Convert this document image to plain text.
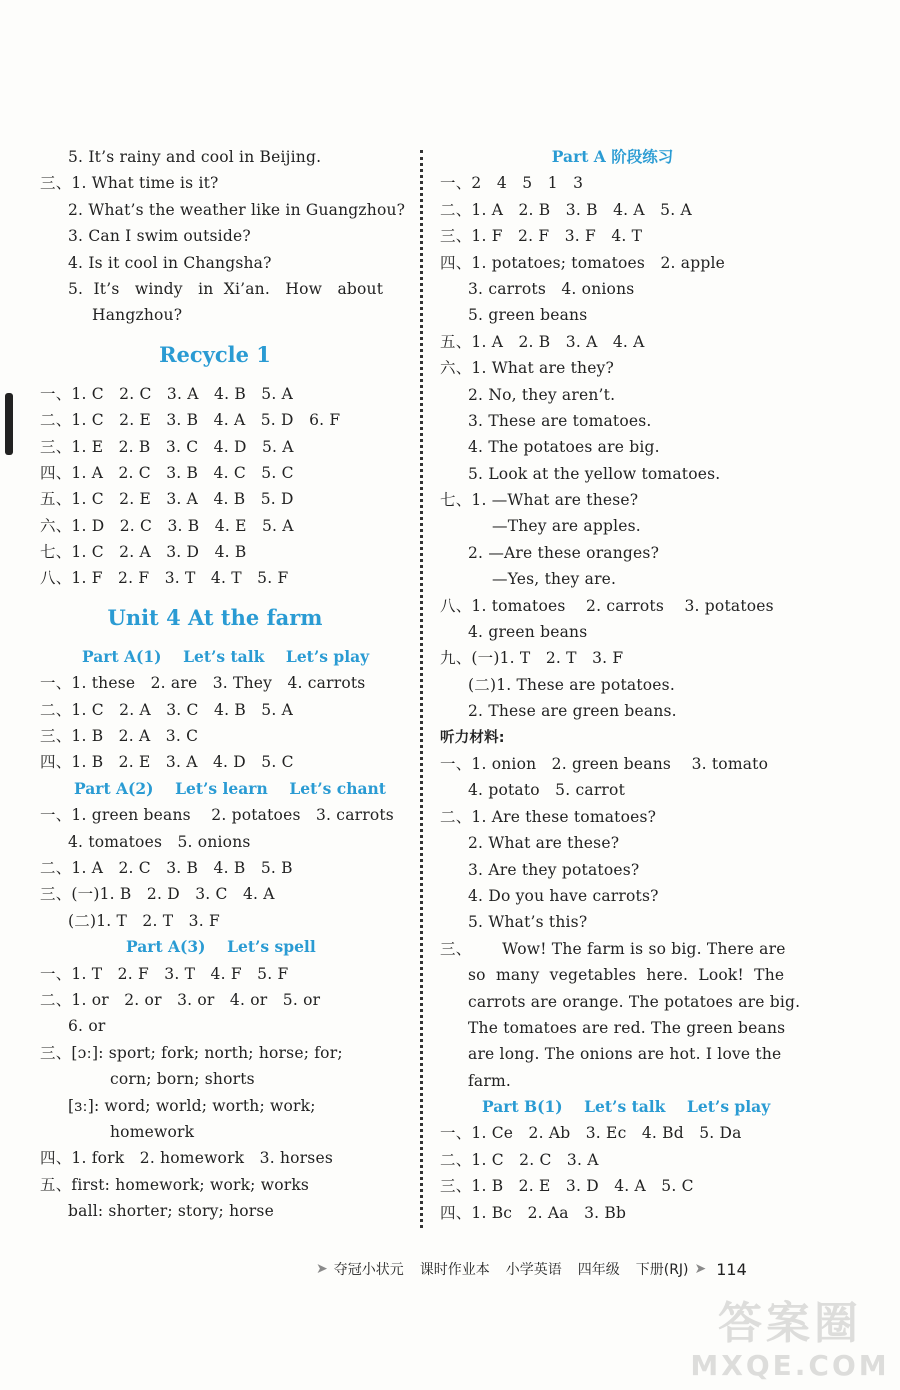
5. It’s rainy and cool in Beijing.
三、1. What time is it?
2. What’s the weather like in Guangzhou?
3. Can I swim outside?
4. Is it cool in Changsha?
5.  It’s   windy   in  Xi’an.   How   about
Hangzhou?
Recycle 1
一、1. C   2. C   3. A   4. B   5. A
二、1. C   2. E   3. B   4. A   5. D   6. F
三、1. E   2. B   3. C   4. D   5. A
四、1. A   2. C   3. B   4. C   5. C
五、1. C   2. E   3. A   4. B   5. D
六、1. D   2. C   3. B   4. E   5. A
七、1. C   2. A   3. D   4. B
八、1. F   2. F   3. T   4. T   5. F
Unit 4 At the farm
Part A(1)    Let’s talk    Let’s play
一、1. these   2. are   3. They   4. carrots
二、1. C   2. A   3. C   4. B   5. A
三、1. B   2. A   3. C
四、1. B   2. E   3. A   4. D   5. C
Part A(2)    Let’s learn    Let’s chant
一、1. green beans    2. potatoes   3. carrots
4. tomatoes   5. onions
二、1. A   2. C   3. B   4. B   5. B
三、(一)1. B   2. D   3. C   4. A
(二)1. T   2. T   3. F
Part A(3)    Let’s spell
一、1. T   2. F   3. T   4. F   5. F
二、1. or   2. or   3. or   4. or   5. or
6. or
三、[ɔː]: sport; fork; north; horse; for;
corn; born; shorts
[ɜː]: word; world; worth; work;
homework
四、1. fork   2. homework   3. horses
五、first: homework; work; works
ball: shorter; story; horse
Part A 阶段练习
一、2   4   5   1   3
二、1. A   2. B   3. B   4. A   5. A
三、1. F   2. F   3. F   4. T
四、1. potatoes; tomatoes   2. apple
3. carrots   4. onions
5. green beans
五、1. A   2. B   3. A   4. A
六、1. What are they?
2. No, they aren’t.
3. These are tomatoes.
4. The potatoes are big.
5. Look at the yellow tomatoes.
七、1. —What are these?
—They are apples.
2. —Are these oranges?
—Yes, they are.
八、1. tomatoes    2. carrots    3. potatoes
4. green beans
九、(一)1. T   2. T   3. F
(二)1. These are potatoes.
2. These are green beans.
听力材料:
一、1. onion   2. green beans    3. tomato
4. potato   5. carrot
二、1. Are these tomatoes?
2. What are these?
3. Are they potatoes?
4. Do you have carrots?
5. What’s this?
三、      Wow! The farm is so big. There are
so  many  vegetables  here.  Look!  The
carrots are orange. The potatoes are big.
The tomatoes are red. The green beans
are long. The onions are hot. I love the
farm.
Part B(1)    Let’s talk    Let’s play
一、1. Ce   2. Ab   3. Ec   4. Bd   5. Da
二、1. C   2. C   3. A
三、1. B   2. E   3. D   4. A   5. C
四、1. Bc   2. Aa   3. Bb
➤ 夺冠小状元 课时作业本 小学英语 四年级 下册(RJ) ➤ 114
答案圈
MXQE.COM
